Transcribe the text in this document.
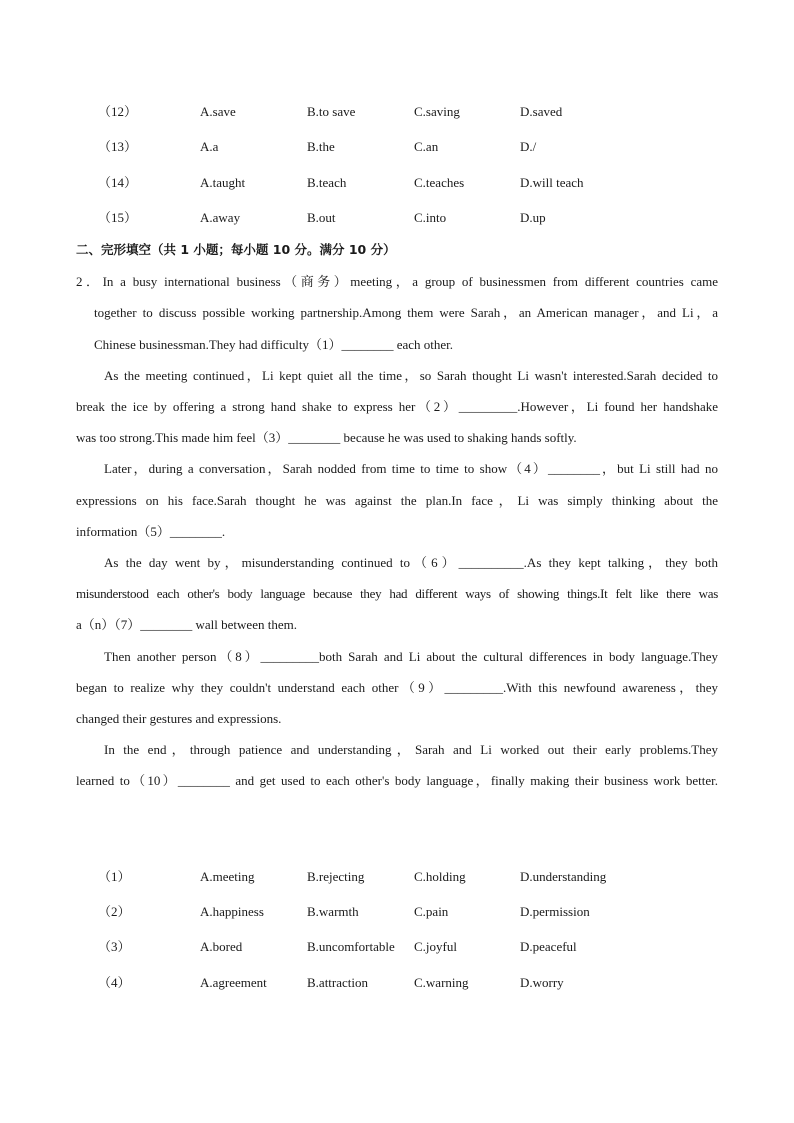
（12）	A.save	B.to save	C.saving	D.saved
（13）	A.a	B.the	C.an	D./
（14）	A.taught	B.teach	C.teaches	D.will teach
（15）	A.away	B.out	C.into	D.up
二、完形填空（共 1 小题；每小题 10 分。满分 10 分）
2．In a busy international business（商务）meeting，a group of businessmen from different countries came
together to discuss possible working partnership.Among them were Sarah，an American manager，and Li，a
Chinese businessman.They had difficulty（1）________ each other.
As the meeting continued，Li kept quiet all the time，so Sarah thought Li wasn't interested.Sarah decided to
break the ice by offering a strong hand shake to express her（2）_________.However，Li found her handshake
was too strong.This made him feel（3）________ because he was used to shaking hands softly.
Later，during a conversation，Sarah nodded from time to time to show（4）________，but Li still had no
expressions on his face.Sarah thought he was against the plan.In face，Li was simply thinking about the
information（5）________.
As the day went by，misunderstanding continued to（6）__________.As they kept talking，they both
misunderstood each other's body language because they had different ways of showing things.It felt like there was
a（n）（7）________ wall between them.
Then another person（8）_________both Sarah and Li about the cultural differences in body language.They
began to realize why they couldn't understand each other（9）_________.With this newfound awareness，they
changed their gestures and expressions.
In the end，through patience and understanding，Sarah and Li worked out their early problems.They
learned to（10）________ and get used to each other's body language，finally making their business work better.
（1）	A.meeting	B.rejecting	C.holding	D.understanding
（2）	A.happiness	B.warmth	C.pain	D.permission
（3）	A.bored	B.uncomfortable C.joyful	D.peaceful
（4）	A.agreement	B.attraction	C.warning	D.worry
